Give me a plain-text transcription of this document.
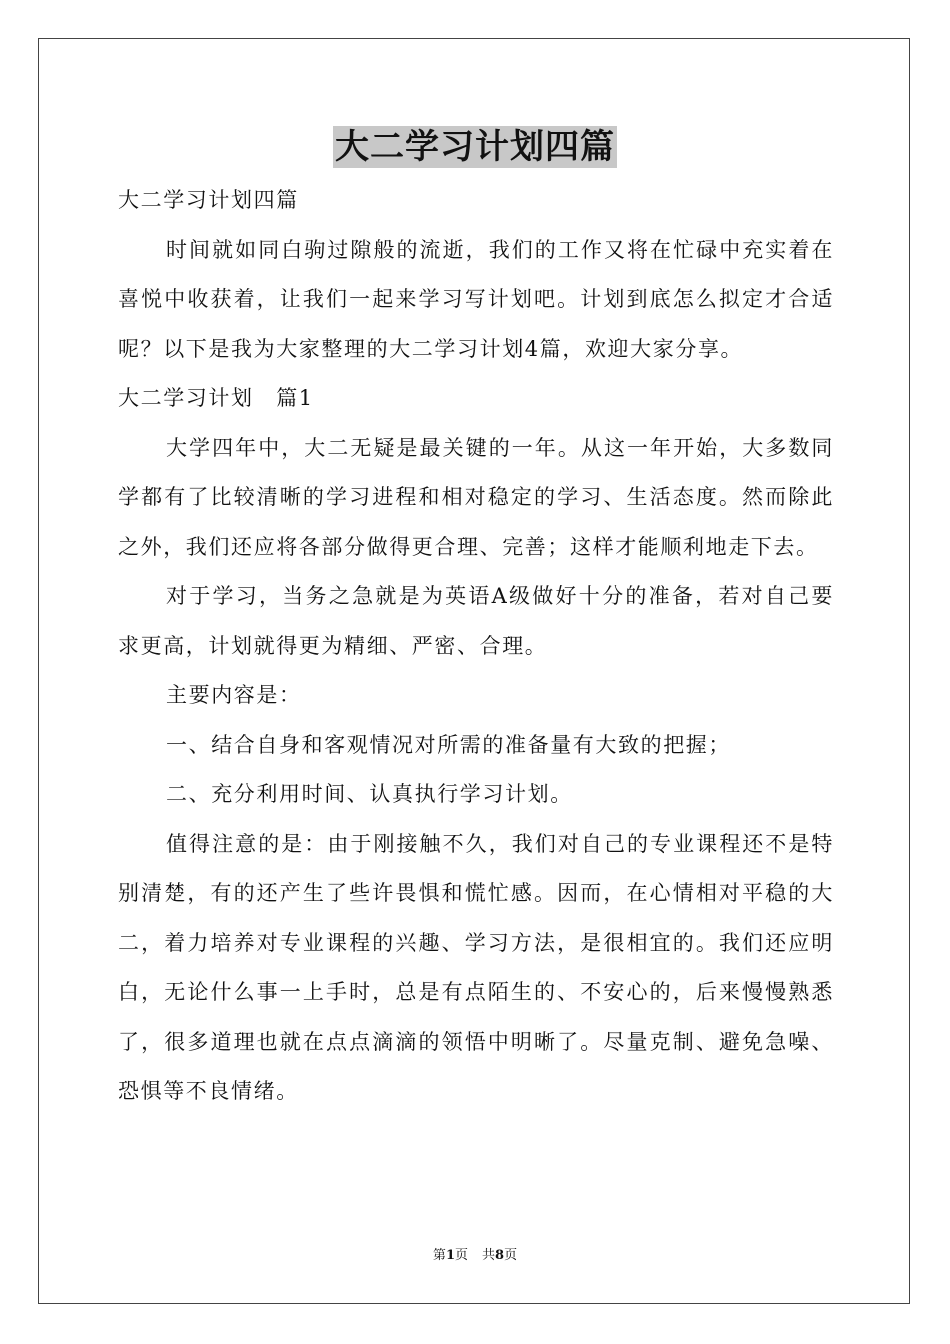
大二学习计划四篇

大二学习计划四篇

时间就如同白驹过隙般的流逝，我们的工作又将在忙碌中充实着在喜悦中收获着，让我们一起来学习写计划吧。计划到底怎么拟定才合适呢？以下是我为大家整理的大二学习计划4篇，欢迎大家分享。

大二学习计划　篇1

大学四年中，大二无疑是最关键的一年。从这一年开始，大多数同学都有了比较清晰的学习进程和相对稳定的学习、生活态度。然而除此之外，我们还应将各部分做得更合理、完善；这样才能顺利地走下去。

对于学习，当务之急就是为英语A级做好十分的准备，若对自己要求更高，计划就得更为精细、严密、合理。

主要内容是：

一、结合自身和客观情况对所需的准备量有大致的把握；

二、充分利用时间、认真执行学习计划。

值得注意的是：由于刚接触不久，我们对自己的专业课程还不是特别清楚，有的还产生了些许畏惧和慌忙感。因而，在心情相对平稳的大二，着力培养对专业课程的兴趣、学习方法，是很相宜的。我们还应明白，无论什么事一上手时，总是有点陌生的、不安心的，后来慢慢熟悉了，很多道理也就在点点滴滴的领悟中明晰了。尽量克制、避免急噪、恐惧等不良情绪。

第1页 共8页
